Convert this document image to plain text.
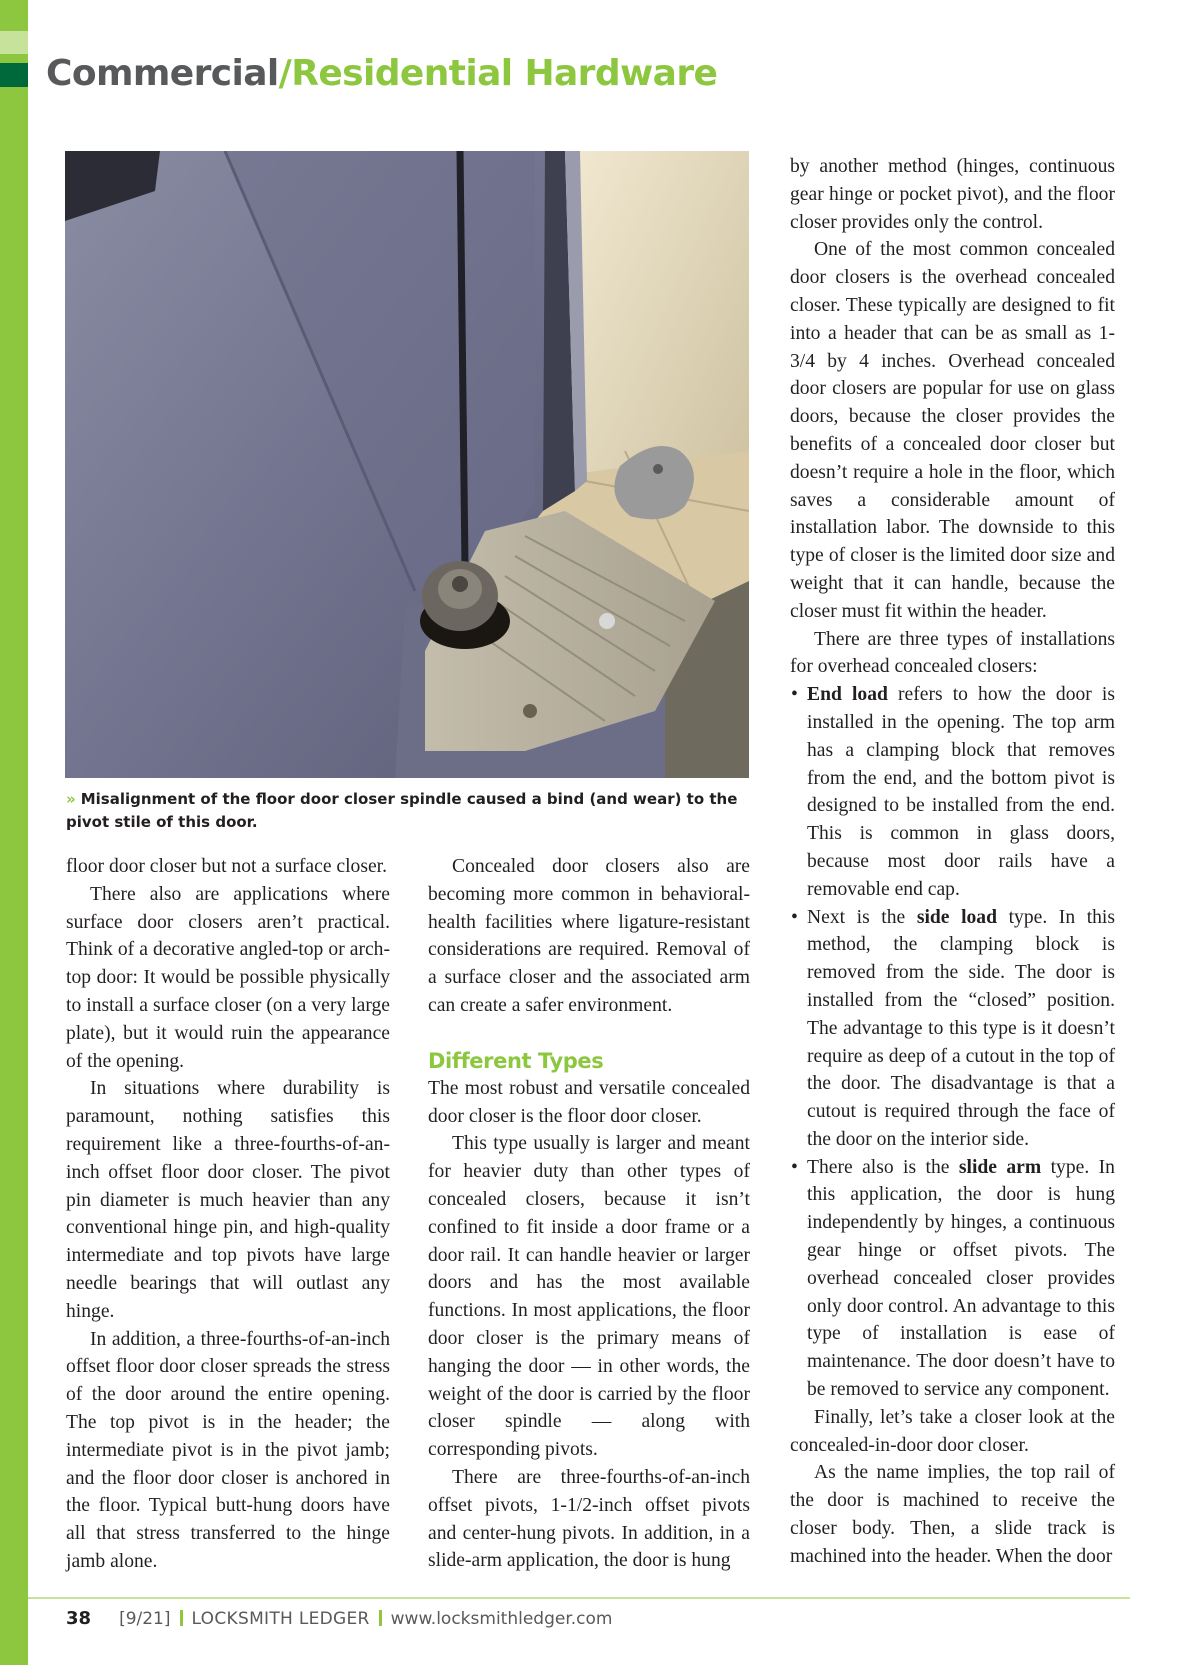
Commercial/Residential Hardware
» Misalignment of the floor door closer spindle caused a bind (and wear) to the pivot stile of this door.

floor door closer but not a surface closer.

There also are applications where surface door closers aren’t practical. Think of a decorative angled-top or arch-top door: It would be possible physically to install a surface closer (on a very large plate), but it would ruin the appearance of the opening.

In situations where durability is paramount, nothing satisfies this requirement like a three-fourths-of-an-inch offset floor door closer. The pivot pin diameter is much heavier than any conventional hinge pin, and high-quality intermediate and top pivots have large needle bearings that will outlast any hinge.

In addition, a three-fourths-of-an-inch offset floor door closer spreads the stress of the door around the entire opening. The top pivot is in the header; the intermediate pivot is in the pivot jamb; and the floor door closer is anchored in the floor. Typical butt-hung doors have all that stress transferred to the hinge jamb alone.

Concealed door closers also are becoming more common in behavioral-health facilities where ligature-resistant considerations are required. Removal of a surface closer and the associated arm can create a safer environment.

Different Types

The most robust and versatile concealed door closer is the floor door closer.

This type usually is larger and meant for heavier duty than other types of concealed closers, because it isn’t confined to fit inside a door frame or a door rail. It can handle heavier or larger doors and has the most available functions. In most applications, the floor door closer is the primary means of hanging the door — in other words, the weight of the door is carried by the floor closer spindle — along with corresponding pivots.

There are three-fourths-of-an-inch offset pivots, 1-1/2-inch offset pivots and center-hung pivots. In addition, in a slide-arm application, the door is hung

by another method (hinges, continuous gear hinge or pocket pivot), and the floor closer provides only the control.

One of the most common concealed door closers is the overhead concealed closer. These typically are designed to fit into a header that can be as small as 1-3/4 by 4 inches. Overhead concealed door closers are popular for use on glass doors, because the closer provides the benefits of a concealed door closer but doesn’t require a hole in the floor, which saves a considerable amount of installation labor. The downside to this type of closer is the limited door size and weight that it can handle, because the closer must fit within the header.

There are three types of installations for overhead concealed closers:

• End load refers to how the door is installed in the opening. The top arm has a clamping block that removes from the end, and the bottom pivot is designed to be installed from the end. This is common in glass doors, because most door rails have a removable end cap.
• Next is the side load type. In this method, the clamping block is removed from the side. The door is installed from the “closed” position. The advantage to this type is it doesn’t require as deep of a cutout in the top of the door. The disadvantage is that a cutout is required through the face of the door on the interior side.
• There also is the slide arm type. In this application, the door is hung independently by hinges, a continuous gear hinge or offset pivots. The overhead concealed closer provides only door control. An advantage to this type of installation is ease of maintenance. The door doesn’t have to be removed to service any component.

Finally, let’s take a closer look at the concealed-in-door door closer.

As the name implies, the top rail of the door is machined to receive the closer body. Then, a slide track is machined into the header. When the door

38 [9/21] LOCKSMITH LEDGER www.locksmithledger.com
